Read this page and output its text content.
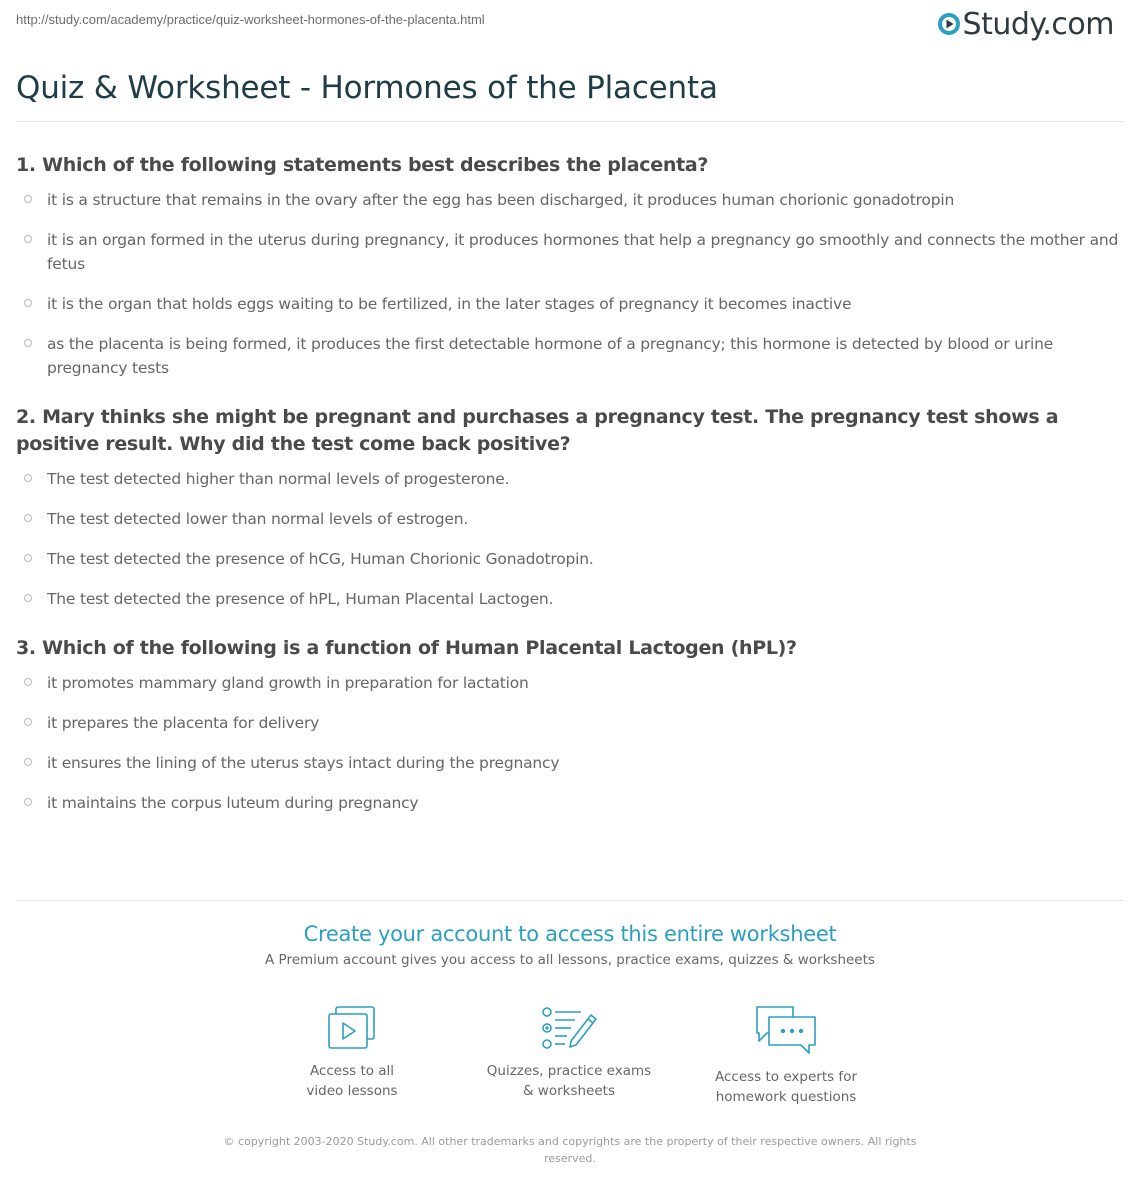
http://study.com/academy/practice/quiz-worksheet-hormones-of-the-placenta.html	Study.com
Quiz & Worksheet - Hormones of the Placenta
1. Which of the following statements best describes the placenta?
it is a structure that remains in the ovary after the egg has been discharged, it produces human chorionic gonadotropin
it is an organ formed in the uterus during pregnancy, it produces hormones that help a pregnancy go smoothly and connects the mother and fetus
it is the organ that holds eggs waiting to be fertilized, in the later stages of pregnancy it becomes inactive
as the placenta is being formed, it produces the first detectable hormone of a pregnancy; this hormone is detected by blood or urine pregnancy tests
2. Mary thinks she might be pregnant and purchases a pregnancy test. The pregnancy test shows a positive result. Why did the test come back positive?
The test detected higher than normal levels of progesterone.
The test detected lower than normal levels of estrogen.
The test detected the presence of hCG, Human Chorionic Gonadotropin.
The test detected the presence of hPL, Human Placental Lactogen.
3. Which of the following is a function of Human Placental Lactogen (hPL)?
it promotes mammary gland growth in preparation for lactation
it prepares the placenta for delivery
it ensures the lining of the uterus stays intact during the pregnancy
it maintains the corpus luteum during pregnancy
Create your account to access this entire worksheet
A Premium account gives you access to all lessons, practice exams, quizzes & worksheets
Access to all
video lessons
Quizzes, practice exams
& worksheets
Access to experts for
homework questions
© copyright 2003-2020 Study.com. All other trademarks and copyrights are the property of their respective owners. All rights reserved.
